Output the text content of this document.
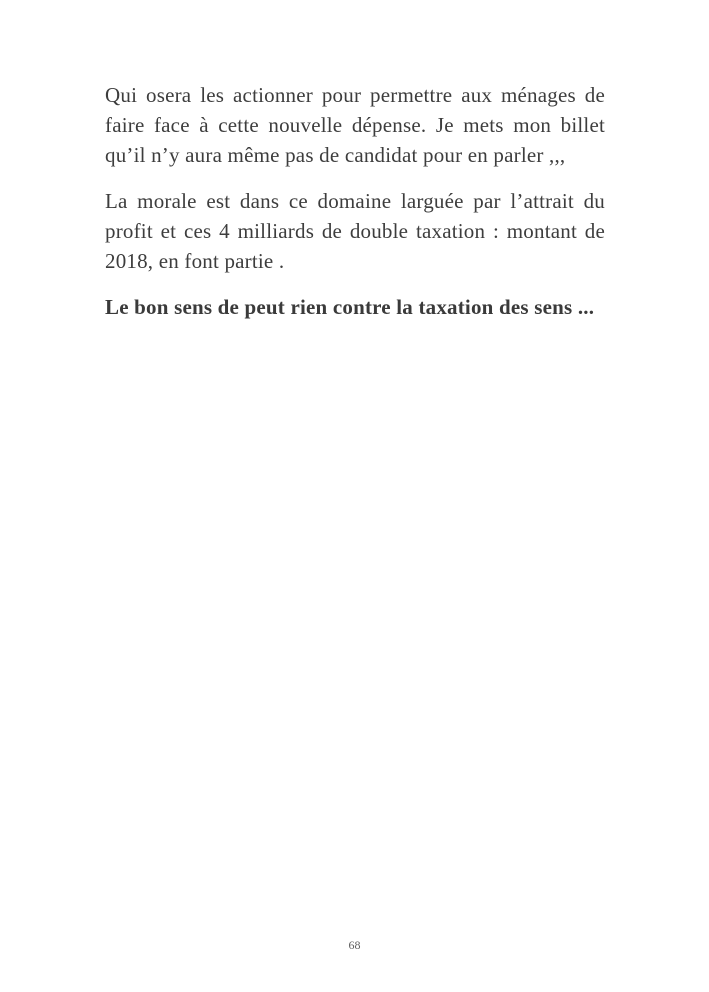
Qui osera les actionner pour permettre aux ménages de faire face à cette nouvelle dépense. Je mets mon billet qu’il n’y aura même pas de candidat pour en parler ,,,

La morale est dans ce domaine larguée par l’attrait du profit et ces 4 milliards de double taxation : montant de 2018, en font partie .

Le bon sens de peut rien contre la taxation des sens ...

68
